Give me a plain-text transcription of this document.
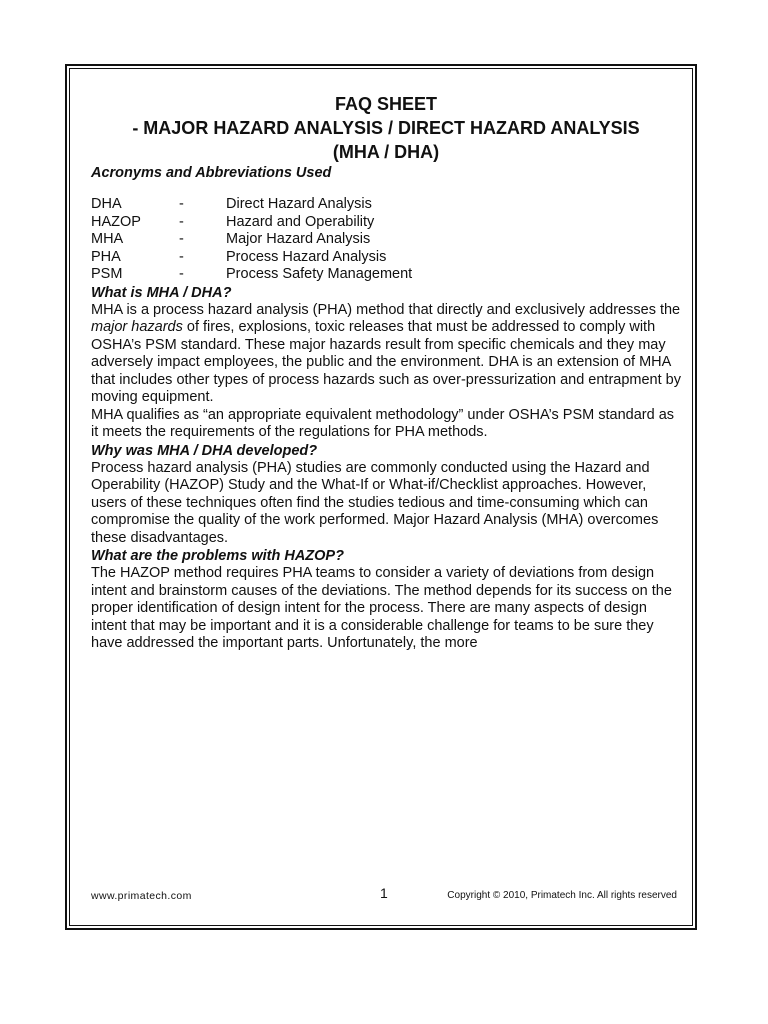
FAQ SHEET
- MAJOR HAZARD ANALYSIS / DIRECT HAZARD ANALYSIS
(MHA / DHA)
Acronyms and Abbreviations Used
DHA	-	Direct Hazard Analysis
HAZOP	-	Hazard and Operability
MHA	-	Major Hazard Analysis
PHA	-	Process Hazard Analysis
PSM	-	Process Safety Management
What is MHA / DHA?

MHA is a process hazard analysis (PHA) method that directly and exclusively addresses the major hazards of fires, explosions, toxic releases that must be addressed to comply with OSHA’s PSM standard. These major hazards result from specific chemicals and they may adversely impact employees, the public and the environment. DHA is an extension of MHA that includes other types of process hazards such as over-pressurization and entrapment by moving equipment.

MHA qualifies as “an appropriate equivalent methodology” under OSHA’s PSM standard as it meets the requirements of the regulations for PHA methods.

Why was MHA / DHA developed?

Process hazard analysis (PHA) studies are commonly conducted using the Hazard and Operability (HAZOP) Study and the What-If or What-if/Checklist approaches. However, users of these techniques often find the studies tedious and time-consuming which can compromise the quality of the work performed. Major Hazard Analysis (MHA) overcomes these disadvantages.

What are the problems with HAZOP?

The HAZOP method requires PHA teams to consider a variety of deviations from design intent and brainstorm causes of the deviations. The method depends for its success on the proper identification of design intent for the process. There are many aspects of design intent that may be important and it is a considerable challenge for teams to be sure they have addressed the important parts. Unfortunately, the more

www.primatech.com	1	Copyright © 2010, Primatech Inc. All rights reserved
